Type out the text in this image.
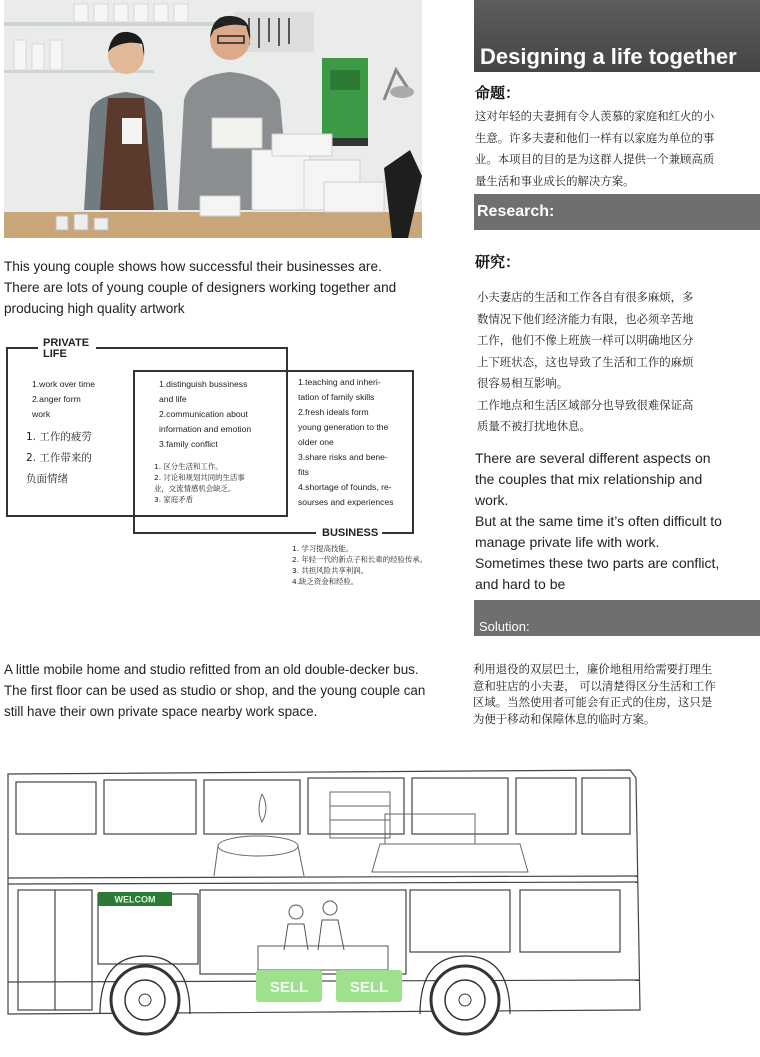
Designing a life together
命题：
这对年轻的夫妻拥有令人羡慕的家庭和红火的小
生意。许多夫妻和他们一样有以家庭为单位的事
业。本项目的目的是为这群人提供一个兼顾高质
量生活和事业成长的解决方案。
Research:
研究：
小夫妻店的生活和工作各自有很多麻烦，多
数情况下他们经济能力有限，也必须辛苦地
工作，他们不像上班族一样可以明确地区分
上下班状态，这也导致了生活和工作的麻烦
很容易相互影响。
工作地点和生活区域部分也导致很难保证高
质量不被打扰地休息。
There are several different aspects on
the couples that mix relationship and
work.
But at the same time it’s often difficult to
manage private life with work.
Sometimes these two parts are conflict,
and hard to be
Solution:
利用退役的双层巴士，廉价地租用给需要打理生
意和驻店的小夫妻， 可以清楚得区分生活和工作
区域。当然使用者可能会有正式的住房，这只是
为便于移动和保障休息的临时方案。
This young couple shows how successful their businesses are.
There are lots of young couple of designers working together and
producing high quality artwork
A little mobile home and studio refitted from an old double-decker bus.
The first floor can be used as studio or shop, and the young couple can
still have their own private space nearby work space.
PRIVATE
LIFE
BUSINESS
1.work over time
2.anger form
work
1. 工作的疲劳
2. 工作带来的
负面情绪
1.distinguish bussiness
and life
2.communication about
information and emotion
3.family conflict
1. 区分生活和工作。
2. 讨论和规划共同的生活事
业，交流情感机会缺乏。
3. 家庭矛盾
1.teaching and inheri-
tation of family skills
2.fresh ideals form
young generation to the
older one
3.share risks and bene-
fits
4.shortage of founds, re-
sourses and experiences
1. 学习提高技能。
2. 年轻一代的新点子和长辈的经验传承。
3. 共担风险共享利润。
4.缺乏资金和经验。
WELCOM
SELL	SELL
